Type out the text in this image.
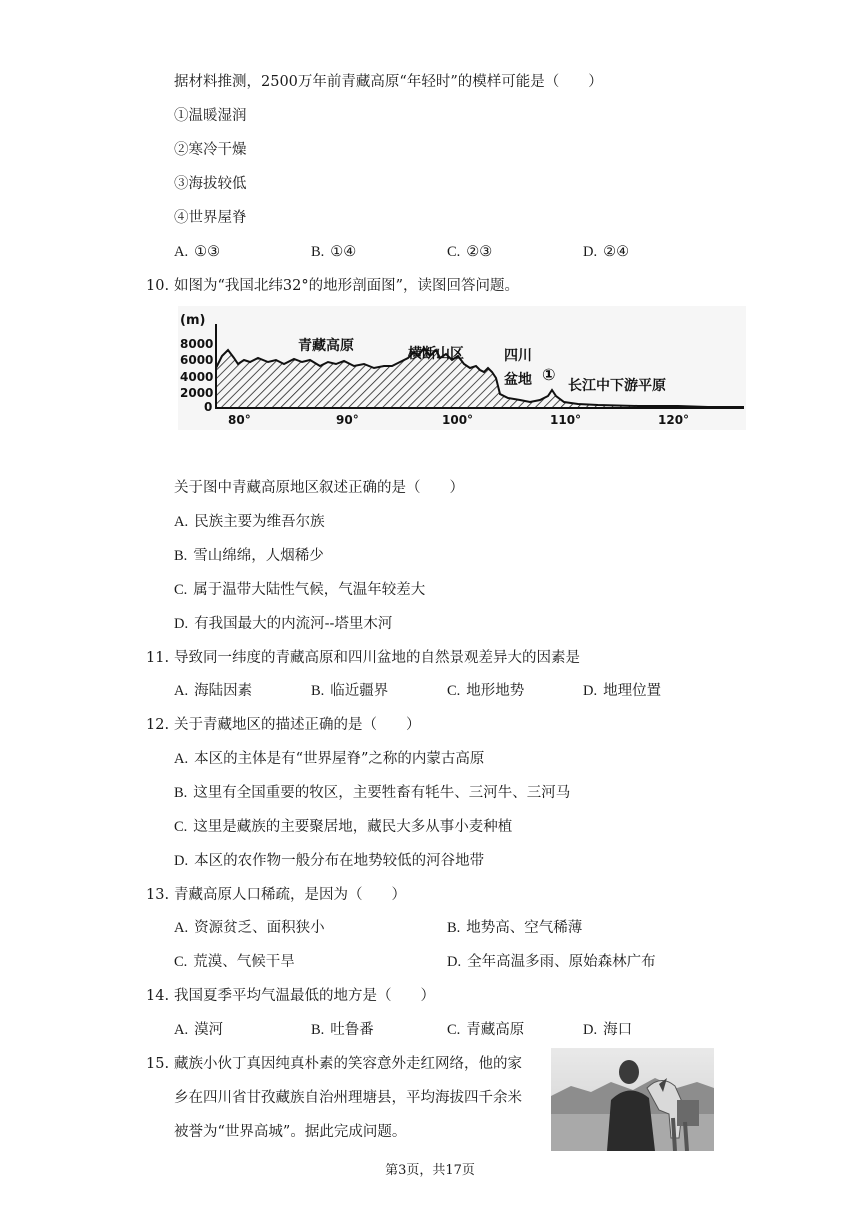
据材料推测，2500万年前青藏高原“年轻时”的模样可能是（　　）
①温暖湿润
②寒冷干燥
③海拔较低
④世界屋脊
A. ①③	B. ①④	C. ②③	D. ②④
10. 如图为“我国北纬32°的地形剖面图”，读图回答问题。
(m)
8000
6000
4000
2000
0
80°	90°	100°	110°	120°
青藏高原	横断山区	四川
盆地 ①
长江中下游平原
关于图中青藏高原地区叙述正确的是（　　）
A. 民族主要为维吾尔族
B. 雪山绵绵，人烟稀少
C. 属于温带大陆性气候，气温年较差大
D. 有我国最大的内流河--塔里木河
11. 导致同一纬度的青藏高原和四川盆地的自然景观差异大的因素是
A. 海陆因素	B. 临近疆界	C. 地形地势	D. 地理位置
12. 关于青藏地区的描述正确的是（　　）
A. 本区的主体是有“世界屋脊”之称的内蒙古高原
B. 这里有全国重要的牧区，主要牲畜有牦牛、三河牛、三河马
C. 这里是藏族的主要聚居地，藏民大多从事小麦种植
D. 本区的农作物一般分布在地势较低的河谷地带
13. 青藏高原人口稀疏，是因为（　　）
A. 资源贫乏、面积狭小	B. 地势高、空气稀薄
C. 荒漠、气候干旱	D. 全年高温多雨、原始森林广布
14. 我国夏季平均气温最低的地方是（　　）
A. 漠河	B. 吐鲁番	C. 青藏高原	D. 海口
15. 藏族小伙丁真因纯真朴素的笑容意外走红网络，他的家
乡在四川省甘孜藏族自治州理塘县，平均海拔四千余米
被誉为“世界高城”。据此完成问题。
第3页，共17页
